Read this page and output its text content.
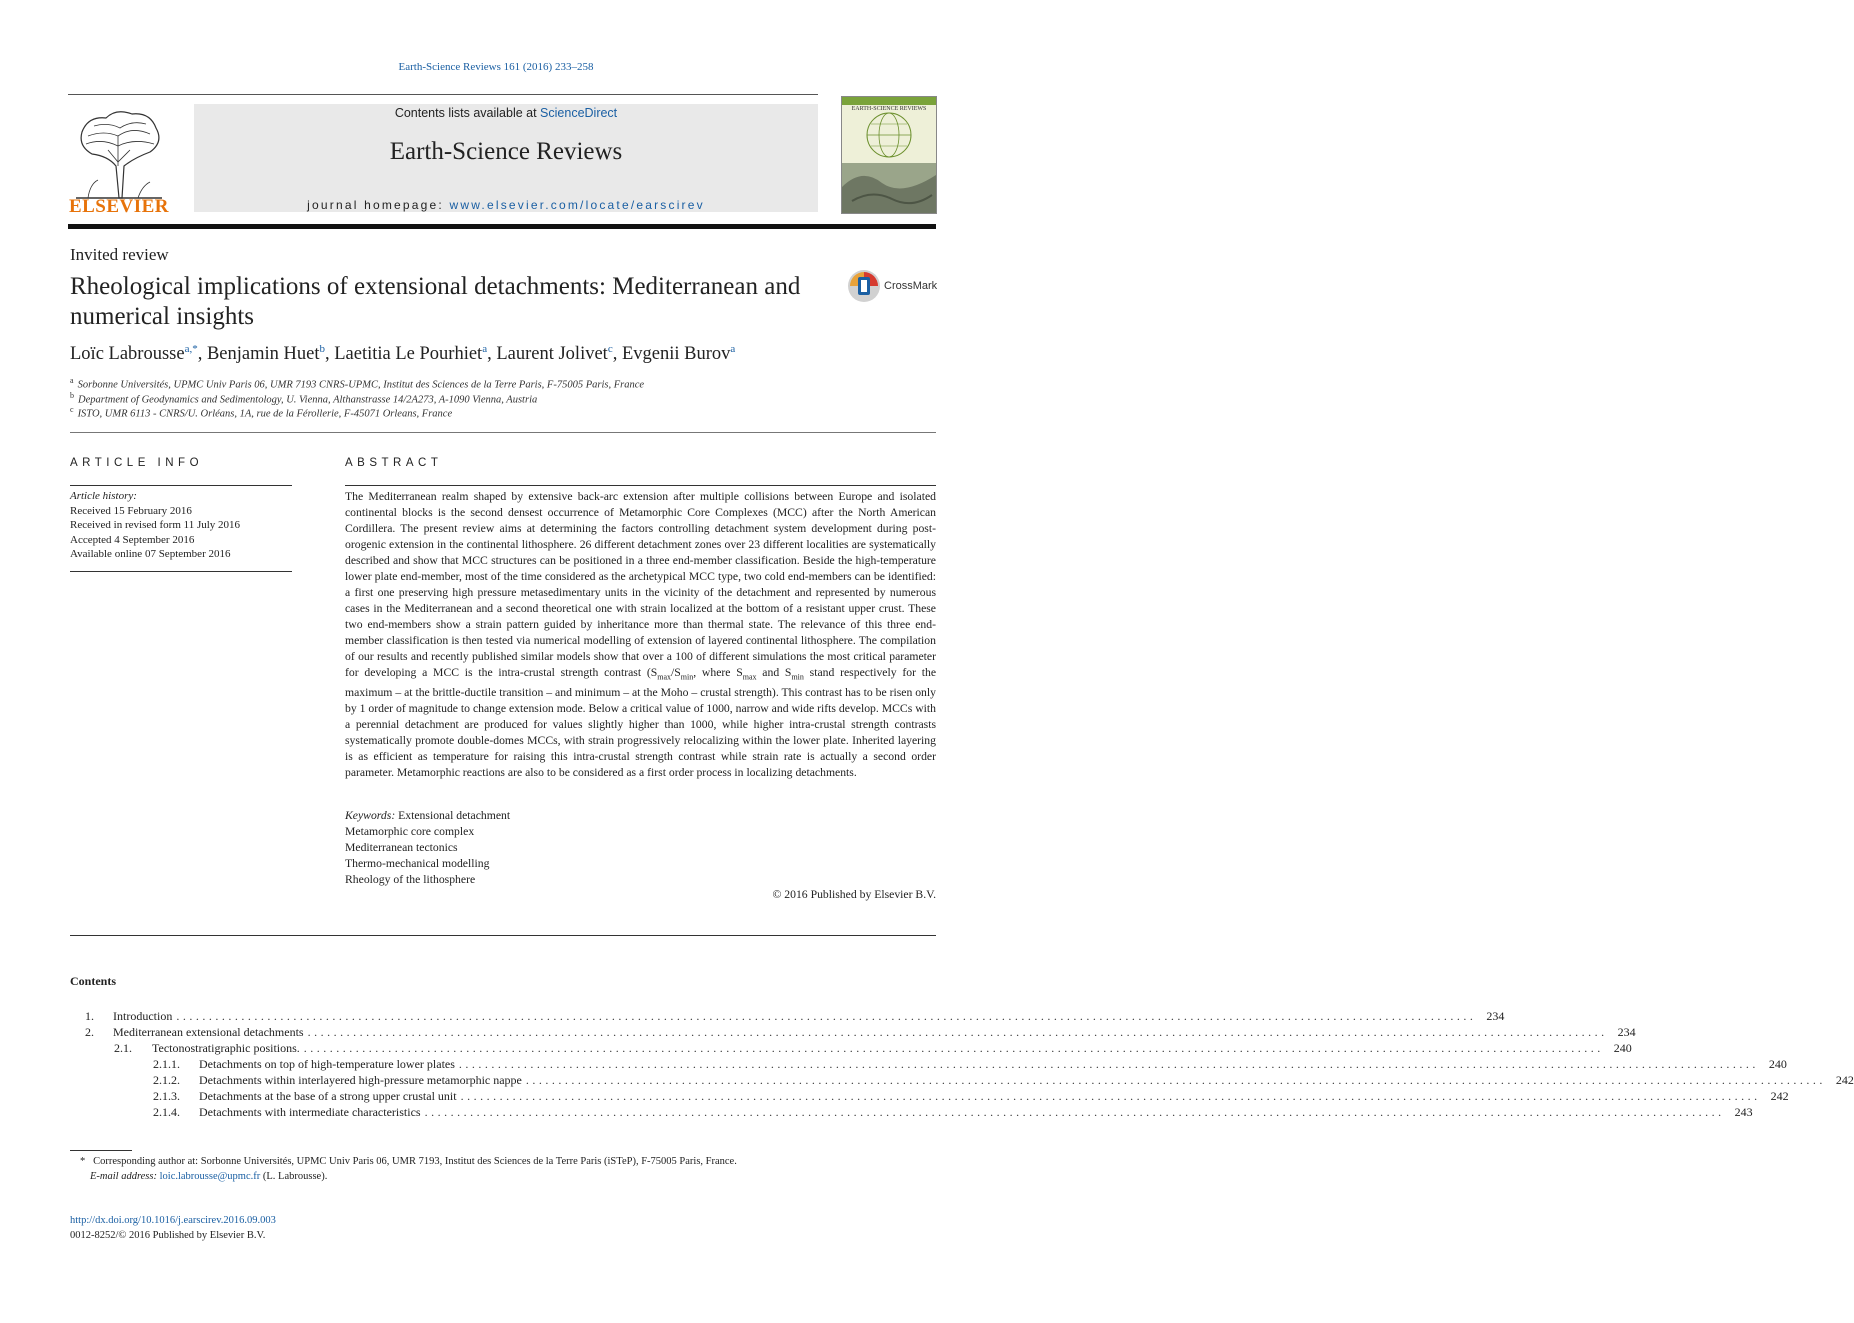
Earth-Science Reviews 161 (2016) 233–258
ELSEVIER
Contents lists available at ScienceDirect
Earth-Science Reviews
journal homepage: www.elsevier.com/locate/earscirev
EARTH-SCIENCE REVIEWS
Invited review
Rheological implications of extensional detachments: Mediterranean and numerical insights
CrossMark
Loïc Labrousse$^{a,*}$, Benjamin Huet$^b$, Laetitia Le Pourhiet$^a$, Laurent Jolivet$^c$, Evgenii Burov$^a$
$^a$ Sorbonne Universités, UPMC Univ Paris 06, UMR 7193 CNRS-UPMC, Institut des Sciences de la Terre Paris, F-75005 Paris, France
$^b$ Department of Geodynamics and Sedimentology, U. Vienna, Althanstrasse 14/2A273, A-1090 Vienna, Austria
$^c$ ISTO, UMR 6113 - CNRS/U. Orléans, 1A, rue de la Férollerie, F-45071 Orleans, France
ARTICLE INFO
Article history:
Received 15 February 2016
Received in revised form 11 July 2016
Accepted 4 September 2016
Available online 07 September 2016
ABSTRACT
The Mediterranean realm shaped by extensive back-arc extension after multiple collisions between Europe and isolated continental blocks is the second densest occurrence of Metamorphic Core Complexes (MCC) after the North American Cordillera. The present review aims at determining the factors controlling detachment system development during post-orogenic extension in the continental lithosphere. 26 different detachment zones over 23 different localities are systematically described and show that MCC structures can be positioned in a three end-member classification. Beside the high-temperature lower plate end-member, most of the time considered as the archetypical MCC type, two cold end-members can be identified: a first one preserving high pressure metasedimentary units in the vicinity of the detachment and represented by numerous cases in the Mediterranean and a second theoretical one with strain localized at the bottom of a resistant upper crust. These two end-members show a strain pattern guided by inheritance more than thermal state. The relevance of this three end-member classification is then tested via numerical modelling of extension of layered continental lithosphere. The compilation of our results and recently published similar models show that over a 100 of different simulations the most critical parameter for developing a MCC is the intra-crustal strength contrast ($S_{max}/S_{min}$, where $S_{max}$ and $S_{min}$ stand respectively for the maximum – at the brittle-ductile transition – and minimum – at the Moho – crustal strength). This contrast has to be risen only by 1 order of magnitude to change extension mode. Below a critical value of 1000, narrow and wide rifts develop. MCCs with a perennial detachment are produced for values slightly higher than 1000, while higher intra-crustal strength contrasts systematically promote double-domes MCCs, with strain progressively relocalizing within the lower plate. Inherited layering is as efficient as temperature for raising this intra-crustal strength contrast while strain rate is actually a second order parameter. Metamorphic reactions are also to be considered as a first order process in localizing detachments.
Keywords: Extensional detachment
Metamorphic core complex
Mediterranean tectonics
Thermo-mechanical modelling
Rheology of the lithosphere
© 2016 Published by Elsevier B.V.
Contents
1. Introduction ........................................................................................................................................................................................................ 234
2. Mediterranean extensional detachments ........................................................................................................................................................................................................ 234
2.1. Tectonostratigraphic positions. ........................................................................................................................................................................................................ 240
2.1.1. Detachments on top of high-temperature lower plates ........................................................................................................................................................................................................ 240
2.1.2. Detachments within interlayered high-pressure metamorphic nappe ........................................................................................................................................................................................................ 242
2.1.3. Detachments at the base of a strong upper crustal unit ........................................................................................................................................................................................................ 242
2.1.4. Detachments with intermediate characteristics ........................................................................................................................................................................................................ 243
* Corresponding author at: Sorbonne Universités, UPMC Univ Paris 06, UMR 7193, Institut des Sciences de la Terre Paris (iSTeP), F-75005 Paris, France.
E-mail address: loic.labrousse@upmc.fr (L. Labrousse).
http://dx.doi.org/10.1016/j.earscirev.2016.09.003
0012-8252/© 2016 Published by Elsevier B.V.
